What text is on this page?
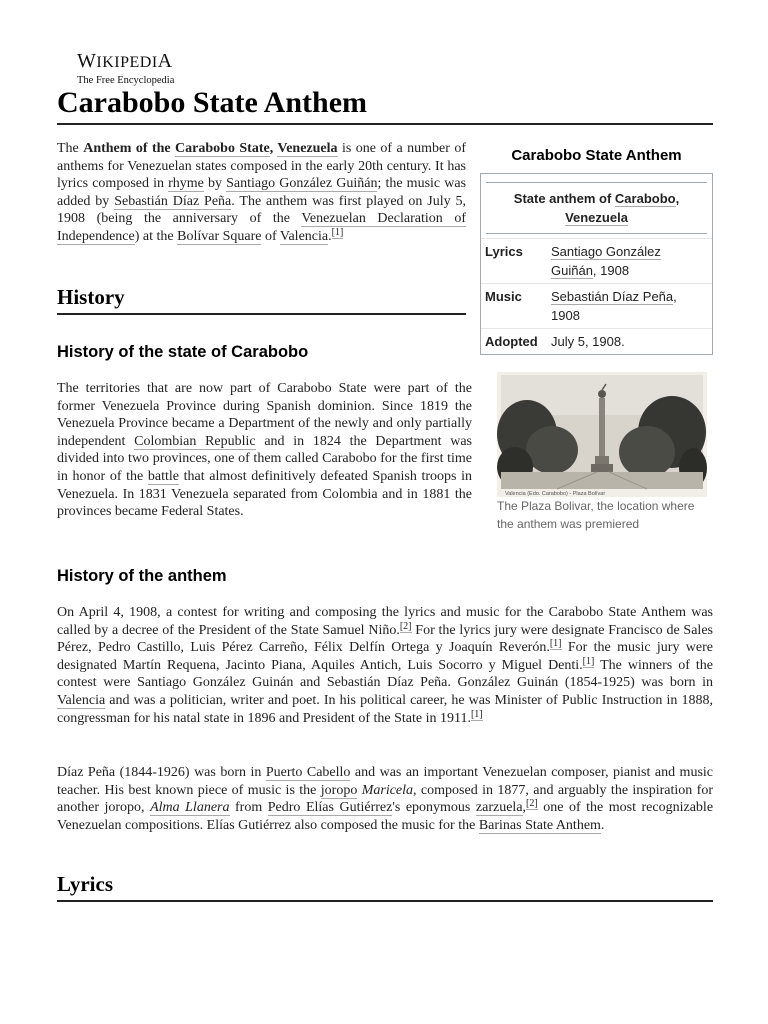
WIKIPEDIA
The Free Encyclopedia
Carabobo State Anthem

The Anthem of the Carabobo State, Venezuela is one of a number of anthems for Venezuelan states composed in the early 20th century. It has lyrics composed in rhyme by Santiago González Guiñán; the music was added by Sebastián Díaz Peña. The anthem was first played on July 5, 1908 (being the anniversary of the Venezuelan Declaration of Independence) at the Bolívar Square of Valencia.[1]

Carabobo State Anthem
State anthem of Carabobo,
Venezuela
Lyrics	Santiago González Guiñán, 1908
Music	Sebastián Díaz Peña, 1908
Adopted	July 5, 1908.
Valencia (Edo. Carabobo) - Plaza Bolívar

The Plaza Bolivar, the location where the anthem was premiered

History
History of the state of Carabobo

The territories that are now part of Carabobo State were part of the former Venezuela Province during Spanish dominion. Since 1819 the Venezuela Province became a Department of the newly and only partially independent Colombian Republic and in 1824 the Department was divided into two provinces, one of them called Carabobo for the first time in honor of the battle that almost definitively defeated Spanish troops in Venezuela. In 1831 Venezuela separated from Colombia and in 1881 the provinces became Federal States.

History of the anthem

On April 4, 1908, a contest for writing and composing the lyrics and music for the Carabobo State Anthem was called by a decree of the President of the State Samuel Niño.[2] For the lyrics jury were designate Francisco de Sales Pérez, Pedro Castillo, Luis Pérez Carreño, Félix Delfín Ortega y Joaquín Reverón.[1] For the music jury were designated Martín Requena, Jacinto Piana, Aquiles Antich, Luis Socorro y Miguel Denti.[1] The winners of the contest were Santiago González Guinán and Sebastián Díaz Peña. González Guinán (1854-1925) was born in Valencia and was a politician, writer and poet. In his political career, he was Minister of Public Instruction in 1888, congressman for his natal state in 1896 and President of the State in 1911.[1]

Díaz Peña (1844-1926) was born in Puerto Cabello and was an important Venezuelan composer, pianist and music teacher. His best known piece of music is the joropo Maricela, composed in 1877, and arguably the inspiration for another joropo, Alma Llanera from Pedro Elías Gutiérrez's eponymous zarzuela,[2] one of the most recognizable Venezuelan compositions. Elías Gutiérrez also composed the music for the Barinas State Anthem.

Lyrics
